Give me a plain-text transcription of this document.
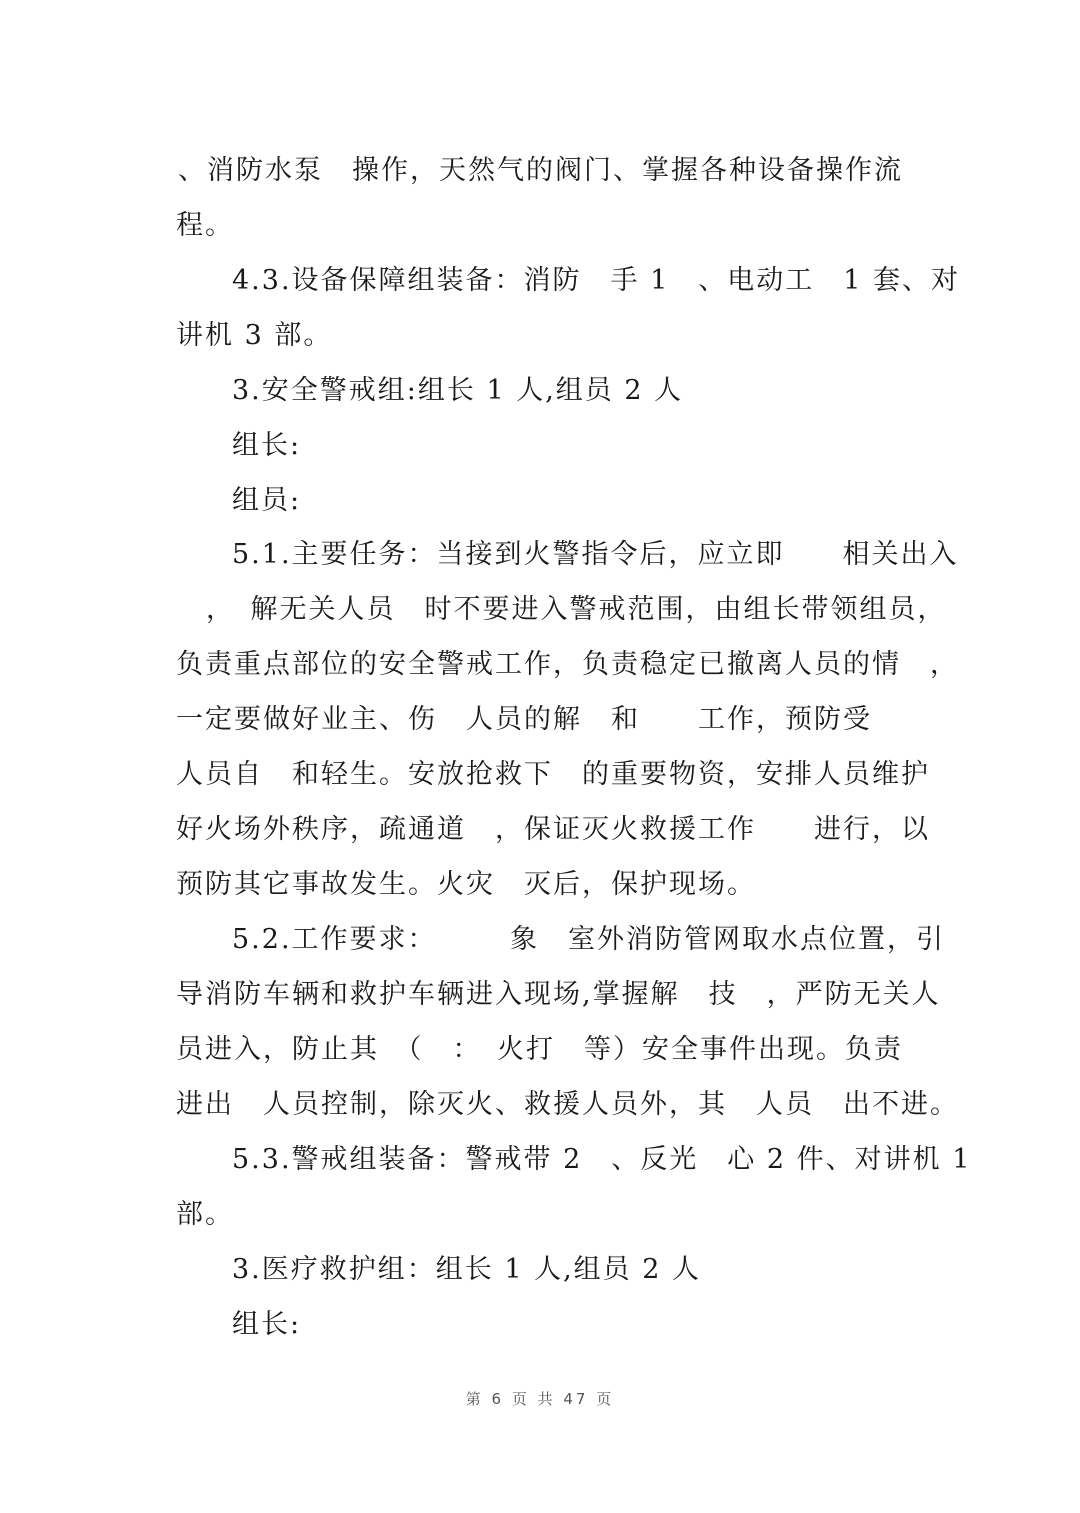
、消防水泵　操作，天然气的阀门、掌握各种设备操作流
程。
4.3.设备保障组装备：消防　手 1　、电动工　1 套、对
讲机 3 部。
3.安全警戒组:组长 1 人,组员 2 人
组长:
组员:
5.1.主要任务：当接到火警指令后，应立即　　相关出入
，　解无关人员　时不要进入警戒范围，由组长带领组员，
负责重点部位的安全警戒工作，负责稳定已撤离人员的情　，
一定要做好业主、伤　人员的解　和　　工作，预防受
人员自　和轻生。安放抢救下　的重要物资，安排人员维护
好火场外秩序，疏通道　，保证灭火救援工作　　进行，以
预防其它事故发生。火灾　灭后，保护现场。
5.2.工作要求：　　　象　室外消防管网取水点位置，引
导消防车辆和救护车辆进入现场,掌握解　技　，严防无关人
员进入，防止其　（　：　火打　等）安全事件出现。负责
进出　人员控制，除灭火、救援人员外，其　人员　出不进。
5.3.警戒组装备：警戒带 2　、反光　心 2 件、对讲机 1
部。
3.医疗救护组：组长 1 人,组员 2 人
组长:
第 6 页 共 47 页
